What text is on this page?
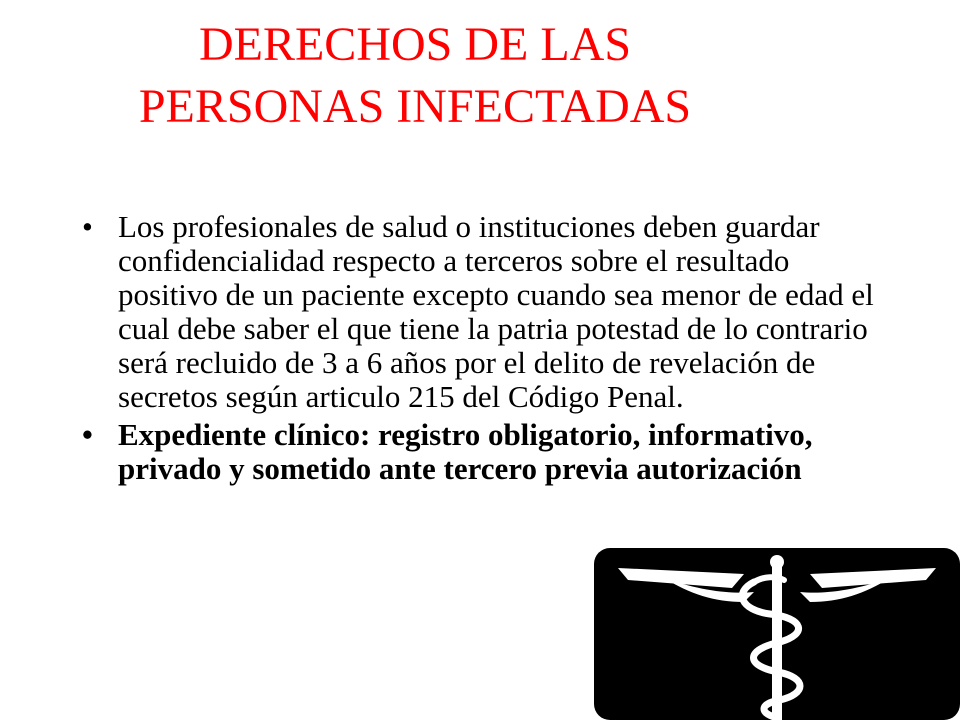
DERECHOS DE LAS
PERSONAS INFECTADAS
• Los profesionales de salud o instituciones deben guardar confidencialidad respecto a terceros sobre el resultado positivo de un paciente excepto cuando sea menor de edad el cual debe saber el que tiene la patria potestad de lo contrario será recluido de 3 a 6 años por el delito de revelación de secretos según articulo 215 del Código Penal.
• Expediente clínico: registro obligatorio, informativo, privado y sometido ante tercero previa autorización
